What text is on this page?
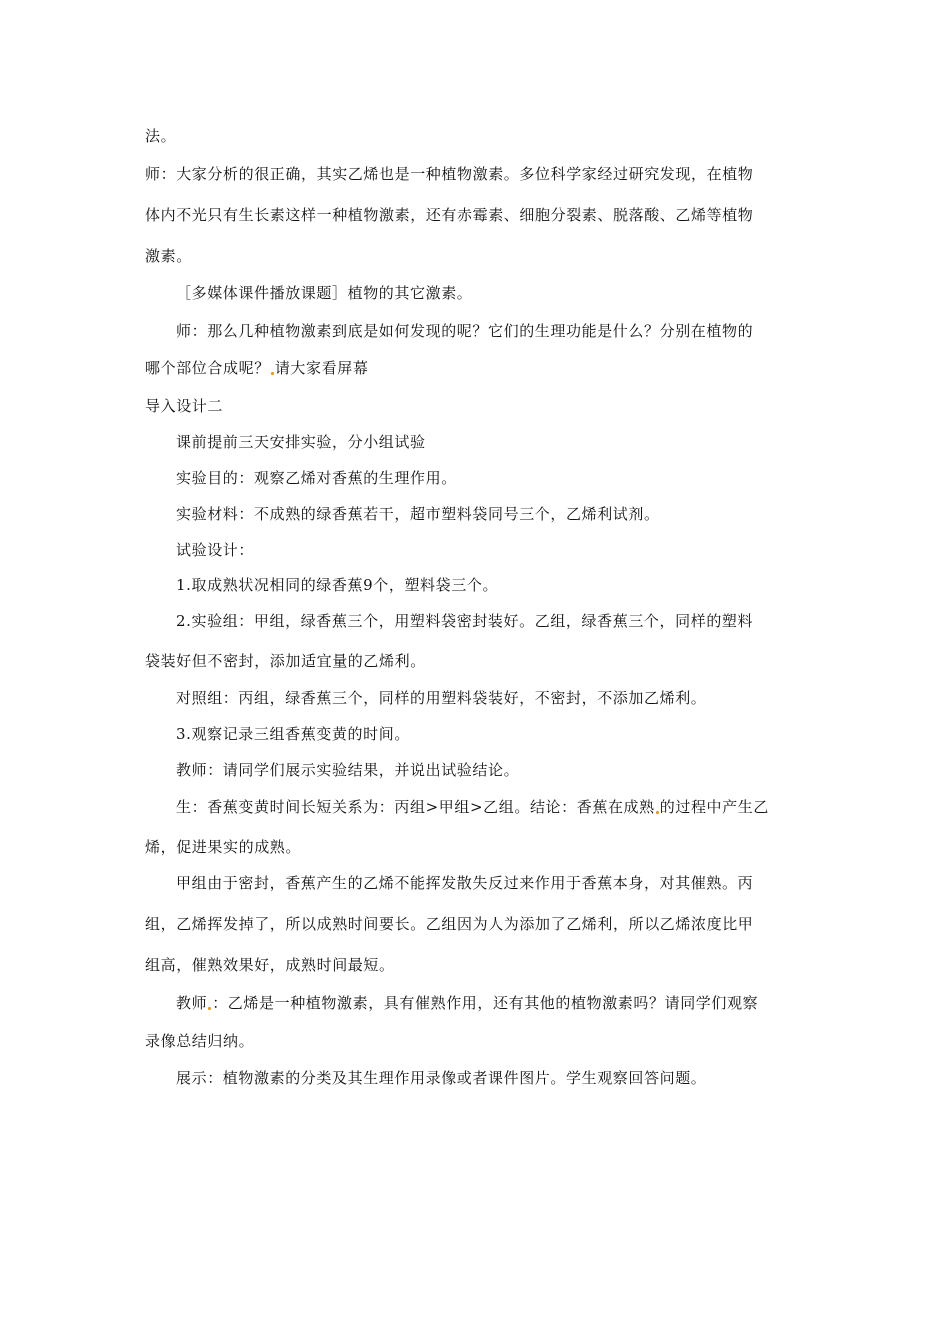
法。
师：大家分析的很正确，其实乙烯也是一种植物激素。多位科学家经过研究发现，在植物
体内不光只有生长素这样一种植物激素，还有赤霉素、细胞分裂素、脱落酸、乙烯等植物
激素。
［多媒体课件播放课题］植物的其它激素。
师：那么几种植物激素到底是如何发现的呢？它们的生理功能是什么？分别在植物的
哪个部位合成呢？ 请大家看屏幕
导入设计二
课前提前三天安排实验，分小组试验
实验目的：观察乙烯对香蕉的生理作用。
实验材料：不成熟的绿香蕉若干，超市塑料袋同号三个，乙烯利试剂。
试验设计：
1.取成熟状况相同的绿香蕉9个，塑料袋三个。
2.实验组：甲组，绿香蕉三个，用塑料袋密封装好。乙组，绿香蕉三个，同样的塑料
袋装好但不密封，添加适宜量的乙烯利。
对照组：丙组，绿香蕉三个，同样的用塑料袋装好，不密封，不添加乙烯利。
3.观察记录三组香蕉变黄的时间。
教师：请同学们展示实验结果，并说出试验结论。
生：香蕉变黄时间长短关系为：丙组>甲组>乙组。结论：香蕉在成熟 的过程中产生乙
烯，促进果实的成熟。
甲组由于密封，香蕉产生的乙烯不能挥发散失反过来作用于香蕉本身，对其催熟。丙
组，乙烯挥发掉了，所以成熟时间要长。乙组因为人为添加了乙烯利，所以乙烯浓度比甲
组高，催熟效果好，成熟时间最短。
教师 ：乙烯是一种植物激素，具有催熟作用，还有其他的植物激素吗？请同学们观察
录像总结归纳。
展示：植物激素的分类及其生理作用录像或者课件图片。学生观察回答问题。
